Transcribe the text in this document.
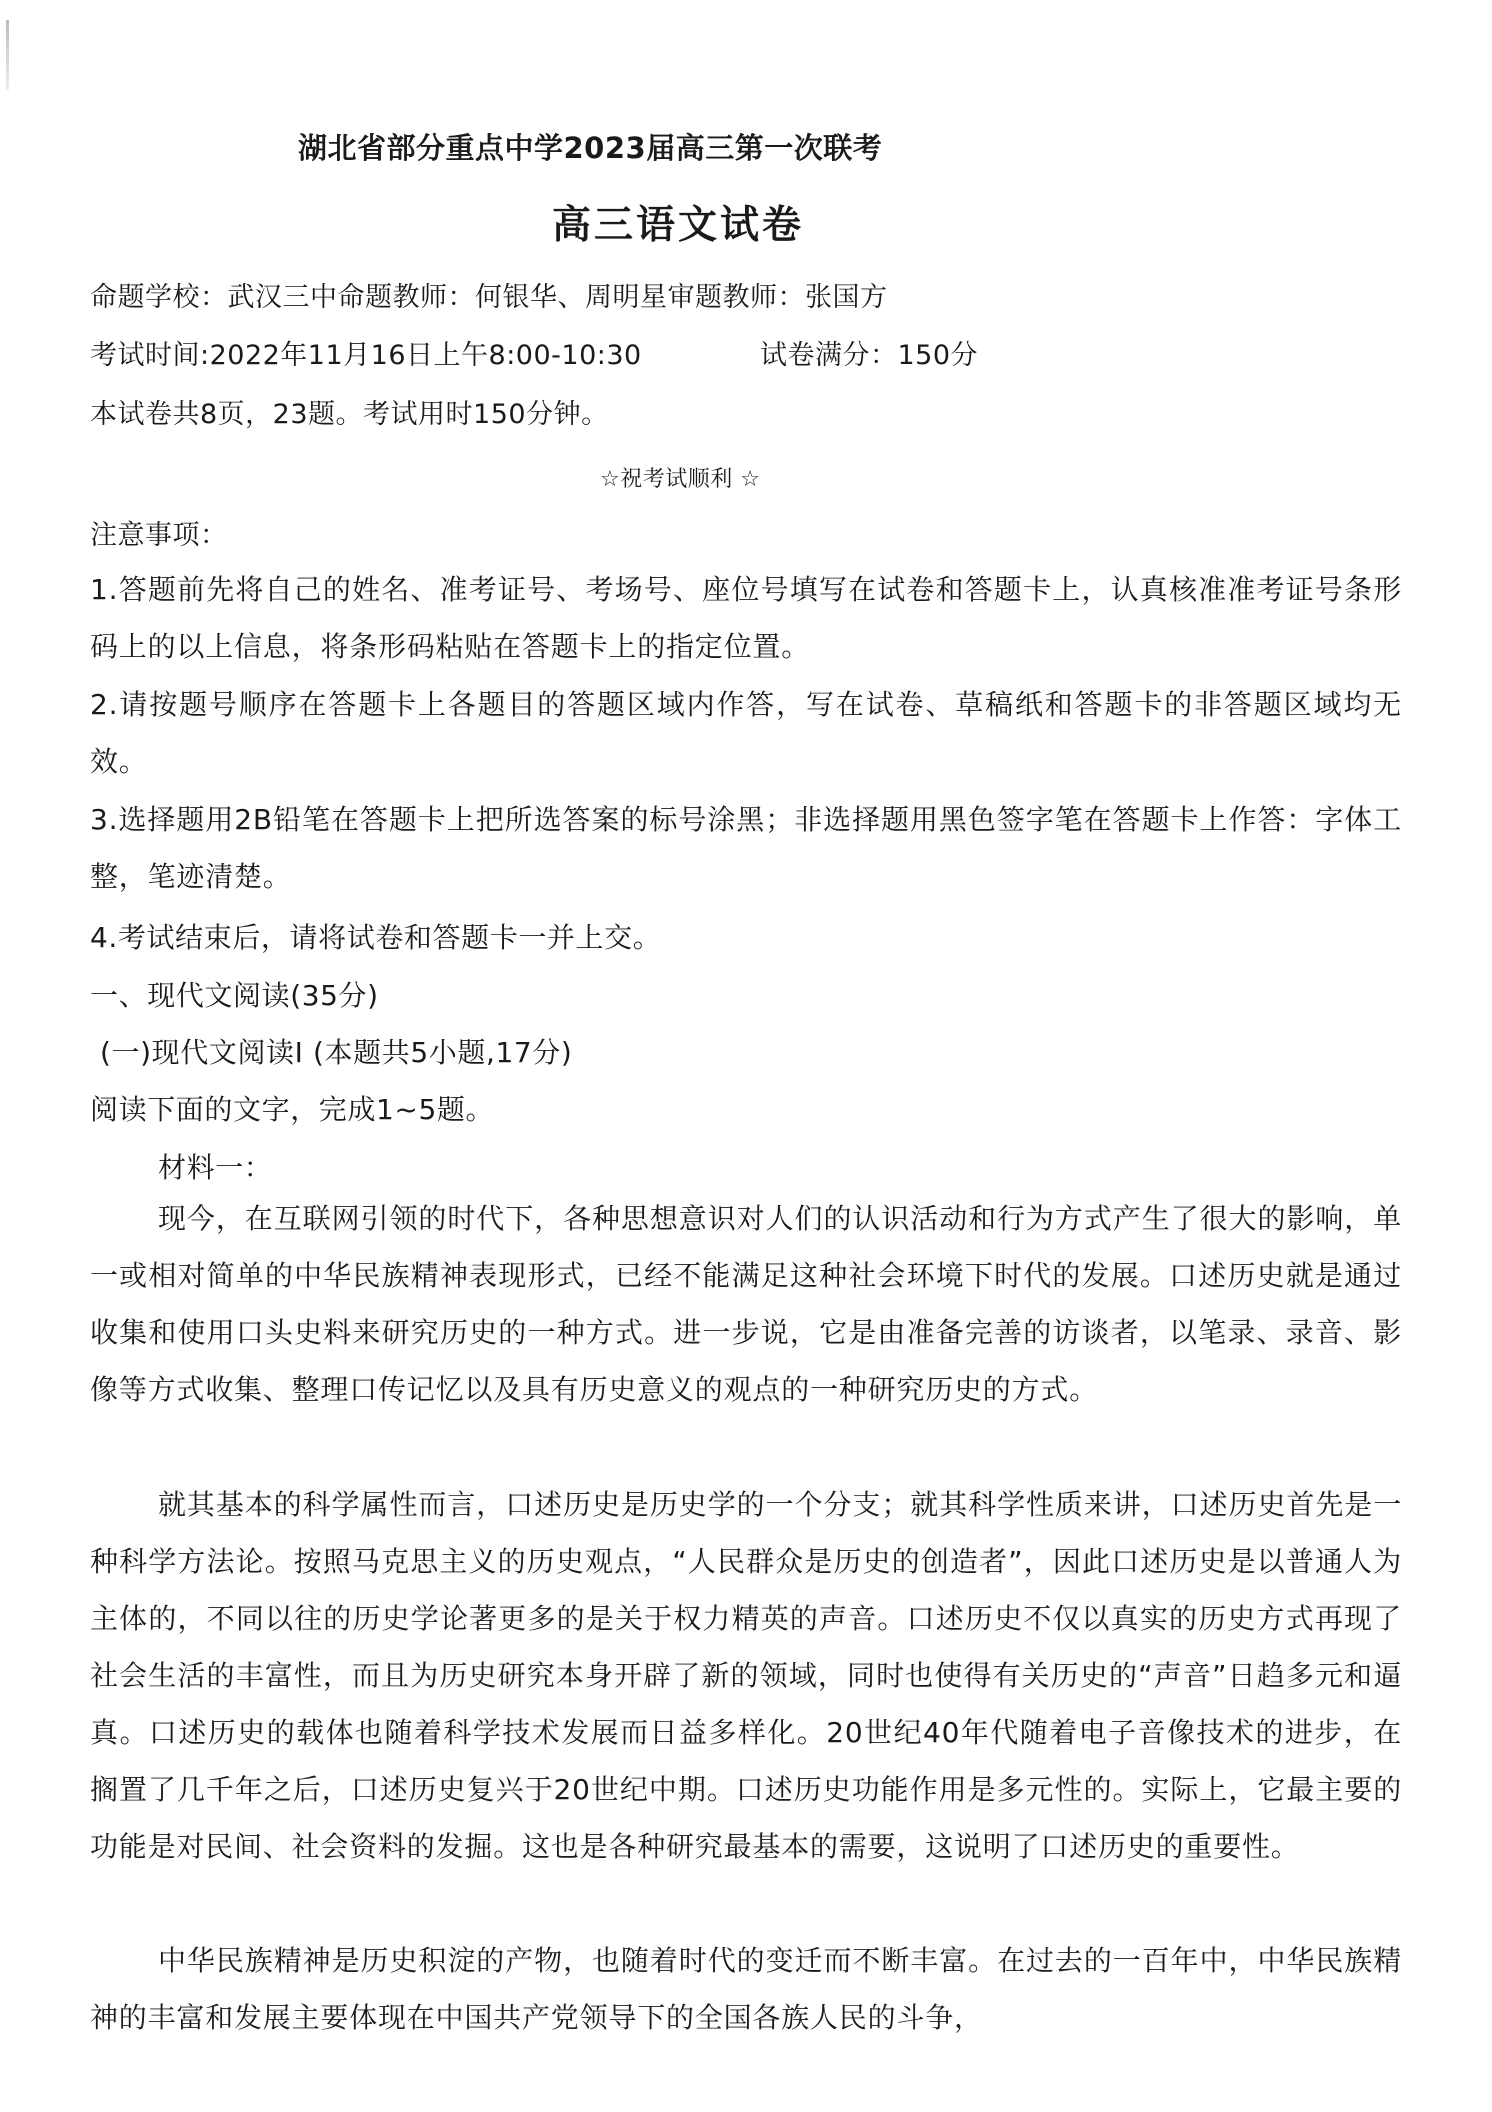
湖北省部分重点中学2023届高三第一次联考
高三语文试卷
命题学校：武汉三中命题教师：何银华、周明星审题教师：张国方
考试时间:2022年11月16日上午8:00-10:30	试卷满分：150分
本试卷共8页，23题。考试用时150分钟。
☆祝考试顺利 ☆
注意事项：
1.答题前先将自己的姓名、准考证号、考场号、座位号填写在试卷和答题卡上，认真核准准考证号条形码上的以上信息，将条形码粘贴在答题卡上的指定位置。
2.请按题号顺序在答题卡上各题目的答题区域内作答，写在试卷、草稿纸和答题卡的非答题区域均无效。
3.选择题用2B铅笔在答题卡上把所选答案的标号涂黑；非选择题用黑色签字笔在答题卡上作答：字体工整，笔迹清楚。
4.考试结束后，请将试卷和答题卡一并上交。
一、现代文阅读(35分)
(一)现代文阅读I (本题共5小题,17分)
阅读下面的文字，完成1~5题。
材料一：
现今，在互联网引领的时代下，各种思想意识对人们的认识活动和行为方式产生了很大的影响，单一或相对简单的中华民族精神表现形式，已经不能满足这种社会环境下时代的发展。口述历史就是通过收集和使用口头史料来研究历史的一种方式。进一步说，它是由准备完善的访谈者，以笔录、录音、影像等方式收集、整理口传记忆以及具有历史意义的观点的一种研究历史的方式。
就其基本的科学属性而言，口述历史是历史学的一个分支；就其科学性质来讲，口述历史首先是一种科学方法论。按照马克思主义的历史观点，“人民群众是历史的创造者”，因此口述历史是以普通人为主体的，不同以往的历史学论著更多的是关于权力精英的声音。口述历史不仅以真实的历史方式再现了社会生活的丰富性，而且为历史研究本身开辟了新的领域，同时也使得有关历史的“声音”日趋多元和逼真。口述历史的载体也随着科学技术发展而日益多样化。20世纪40年代随着电子音像技术的进步，在搁置了几千年之后，口述历史复兴于20世纪中期。口述历史功能作用是多元性的。实际上，它最主要的功能是对民间、社会资料的发掘。这也是各种研究最基本的需要，这说明了口述历史的重要性。
中华民族精神是历史积淀的产物，也随着时代的变迁而不断丰富。在过去的一百年中，中华民族精神的丰富和发展主要体现在中国共产党领导下的全国各族人民的斗争，
